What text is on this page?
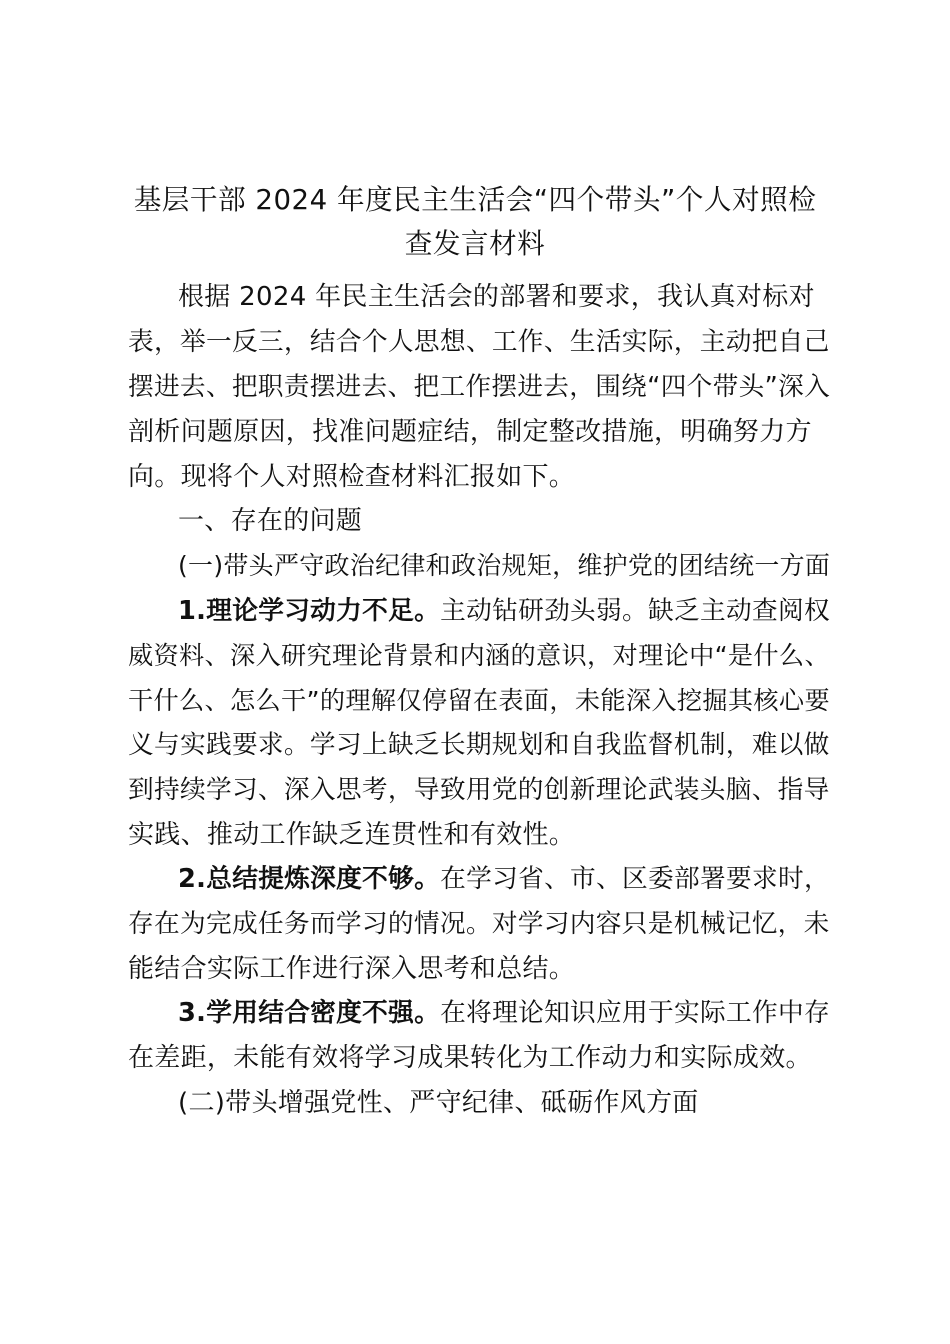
基层干部 2024 年度民主生活会“四个带头”个人对照检
查发言材料
根据 2024 年民主生活会的部署和要求，我认真对标对
表，举一反三，结合个人思想、工作、生活实际，主动把自己
摆进去、把职责摆进去、把工作摆进去，围绕“四个带头”深入
剖析问题原因，找准问题症结，制定整改措施，明确努力方
向。现将个人对照检查材料汇报如下。
一、存在的问题
(一)带头严守政治纪律和政治规矩，维护党的团结统一方面
1.理论学习动力不足。主动钻研劲头弱。缺乏主动查阅权
威资料、深入研究理论背景和内涵的意识，对理论中“是什么、
干什么、怎么干”的理解仅停留在表面，未能深入挖掘其核心要
义与实践要求。学习上缺乏长期规划和自我监督机制，难以做
到持续学习、深入思考，导致用党的创新理论武装头脑、指导
实践、推动工作缺乏连贯性和有效性。
2.总结提炼深度不够。在学习省、市、区委部署要求时，
存在为完成任务而学习的情况。对学习内容只是机械记忆，未
能结合实际工作进行深入思考和总结。
3.学用结合密度不强。在将理论知识应用于实际工作中存
在差距，未能有效将学习成果转化为工作动力和实际成效。
(二)带头增强党性、严守纪律、砥砺作风方面
